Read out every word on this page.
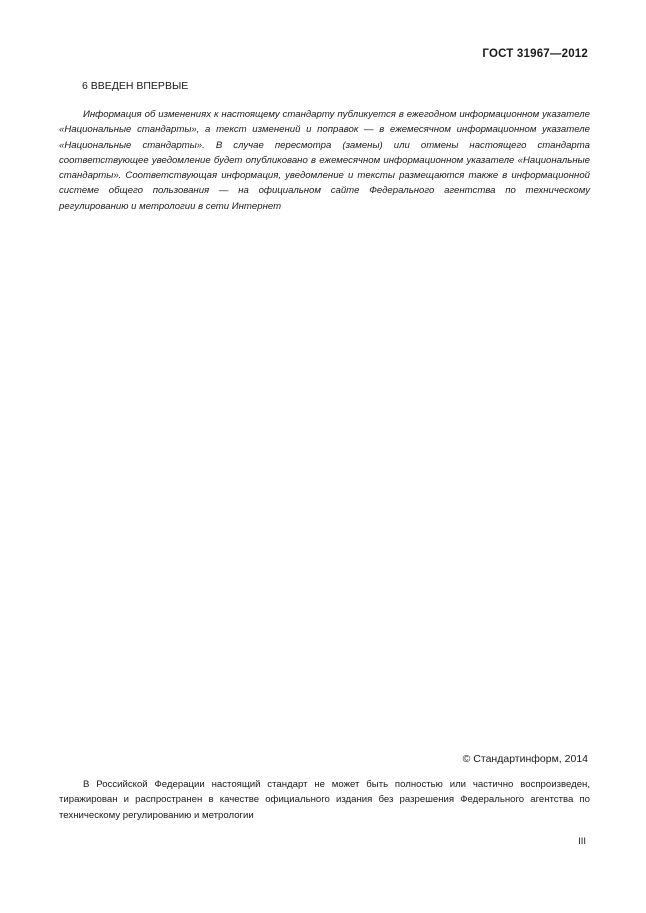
ГОСТ 31967—2012
6 ВВЕДЕН ВПЕРВЫЕ

Информация об изменениях к настоящему стандарту публикуется в ежегодном информационном указателе «Национальные стандарты», а текст изменений и поправок — в ежемесячном информационном указателе «Национальные стандарты». В случае пересмотра (замены) или отмены настоящего стандарта соответствующее уведомление будет опубликовано в ежемесячном информационном указателе «Национальные стандарты». Соответствующая информация, уведомление и тексты размещаются также в информационной системе общего пользования — на официальном сайте Федерального агентства по техническому регулированию и метрологии в сети Интернет

© Стандартинформ, 2014

В Российской Федерации настоящий стандарт не может быть полностью или частично воспроизведен, тиражирован и распространен в качестве официального издания без разрешения Федерального агентства по техническому регулированию и метрологии

III
